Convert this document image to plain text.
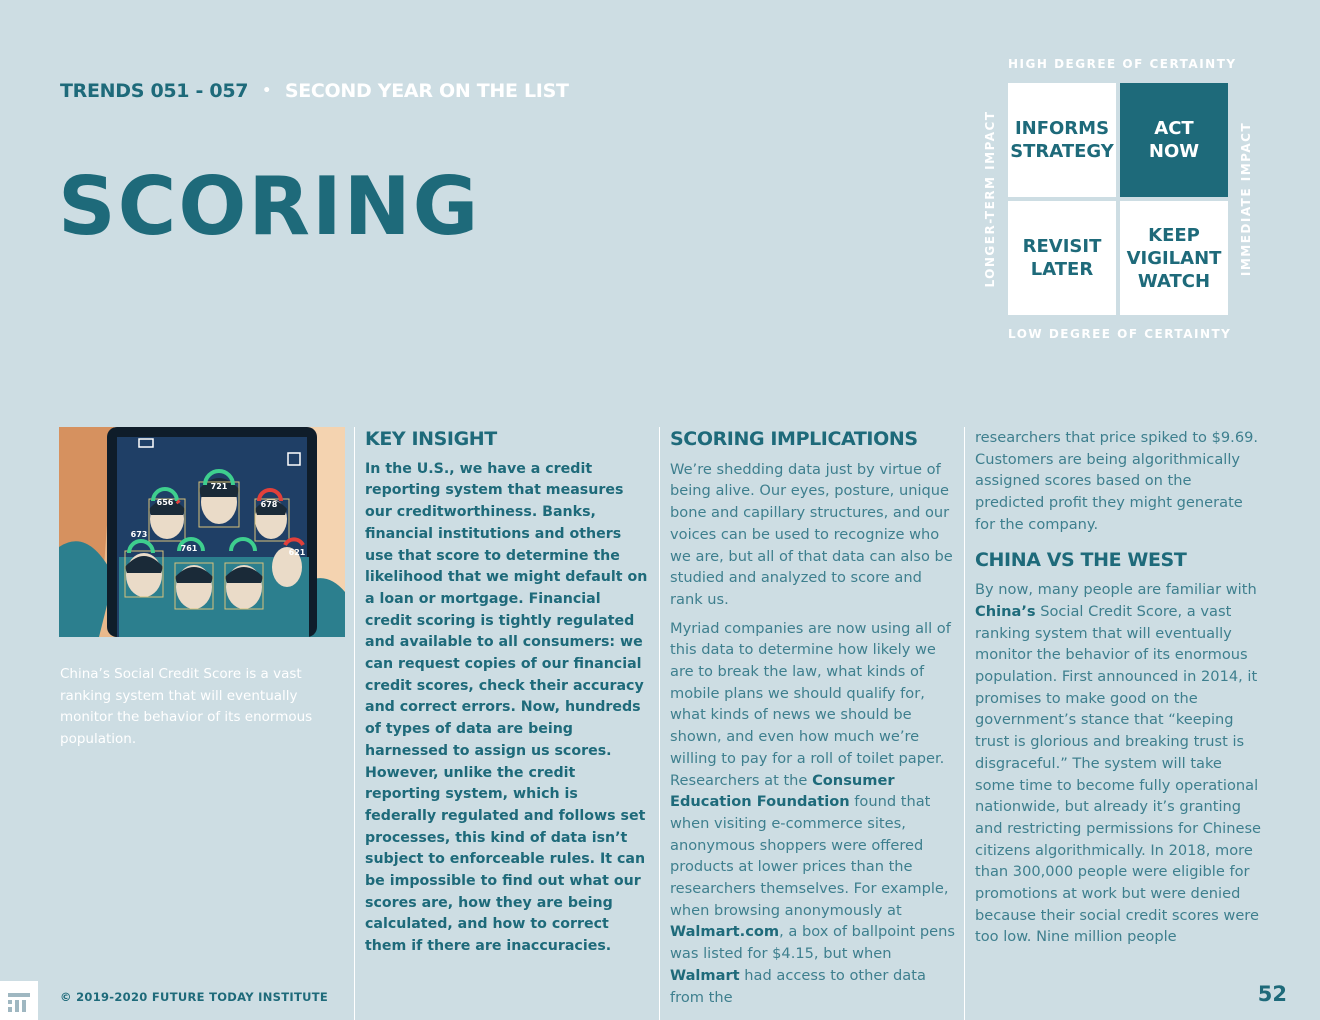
TRENDS 051 - 057 • SECOND YEAR ON THE LIST
SCORING
HIGH DEGREE OF CERTAINTY
LONGER-TERM IMPACT	IMMEDIATE IMPACT
INFORMS
STRATEGY
ACT
NOW
REVISIT
LATER
KEEP
VIGILANT
WATCH
LOW DEGREE OF CERTAINTY
721
656	678
673
761	621
China’s Social Credit Score is a vast ranking system that will eventually monitor the behavior of its enormous population.
KEY INSIGHT

In the U.S., we have a credit reporting system that measures our creditworthiness. Banks, financial institutions and others use that score to determine the likelihood that we might default on a loan or mortgage. Financial credit scoring is tightly regulated and available to all consumers: we can request copies of our financial credit scores, check their accuracy and correct errors. Now, hundreds of types of data are being harnessed to assign us scores. However, unlike the credit reporting system, which is federally regulated and follows set processes, this kind of data isn’t subject to enforceable rules. It can be impossible to find out what our scores are, how they are being calculated, and how to correct them if there are inaccuracies.

SCORING IMPLICATIONS

We’re shedding data just by virtue of being alive. Our eyes, posture, unique bone and capillary structures, and our voices can be used to recognize who we are, but all of that data can also be studied and analyzed to score and rank us.

Myriad companies are now using all of this data to determine how likely we are to break the law, what kinds of mobile plans we should qualify for, what kinds of news we should be shown, and even how much we’re willing to pay for a roll of toilet paper. Researchers at the Consumer Education Foundation found that when visiting e-commerce sites, anonymous shoppers were offered products at lower prices than the researchers themselves. For example, when browsing anonymously at Walmart.com, a box of ballpoint pens was listed for $4.15, but when Walmart had access to other data from the

researchers that price spiked to $9.69. Customers are being algorithmically assigned scores based on the predicted profit they might generate for the company.

CHINA VS THE WEST

By now, many people are familiar with China’s Social Credit Score, a vast ranking system that will eventually monitor the behavior of its enormous population. First announced in 2014, it promises to make good on the government’s stance that “keeping trust is glorious and breaking trust is disgraceful.” The system will take some time to become fully operational nationwide, but already it’s granting and restricting permissions for Chinese citizens algorithmically. In 2018, more than 300,000 people were eligible for promotions at work but were denied because their social credit scores were too low. Nine million people

© 2019-2020 FUTURE TODAY INSTITUTE	52
